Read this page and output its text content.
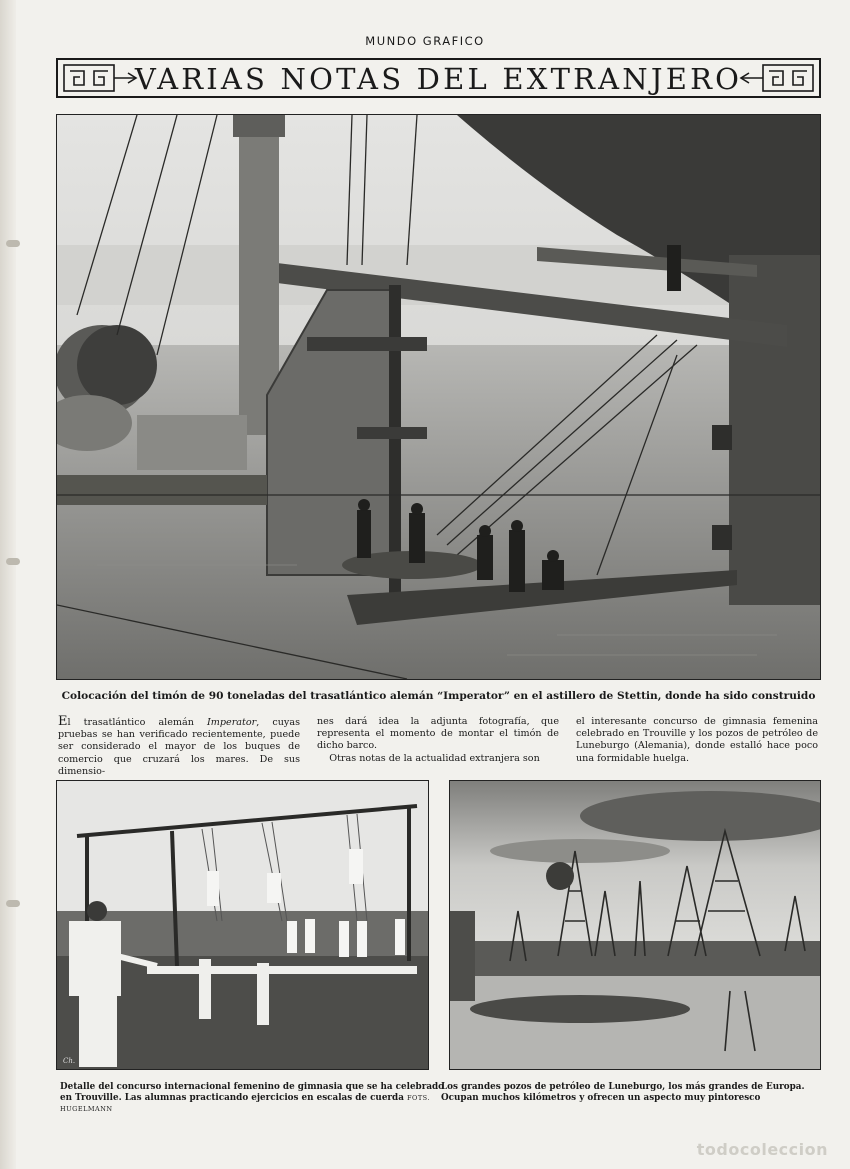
MUNDO GRAFICO
VARIAS NOTAS DEL EXTRANJERO
Colocación del timón de 90 toneladas del trasatlántico alemán “Imperator” en el astillero de Stettin, donde ha sido construido
El trasatlántico alemán Imperator, cuyas pruebas se han verificado recientemente, puede ser considerado el mayor de los buques de comercio que cruzará los mares. De sus dimensio-
nes dará idea la adjunta fotografía, que representa el momento de montar el timón de dicho barco.
Otras notas de la actualidad extranjera son
el interesante concurso de gimnasia femenina celebrado en Trouville y los pozos de petróleo de Luneburgo (Alemania), donde estalló hace poco una formidable huelga.
Ch.
Detalle del concurso internacional femenino de gimnasia que se ha celebrado en Trouville. Las alumnas practicando ejercicios en escalas de cuerda FOTS. HUGELMANN
Los grandes pozos de petróleo de Luneburgo, los más grandes de Europa. Ocupan muchos kilómetros y ofrecen un aspecto muy pintoresco
todocoleccion
